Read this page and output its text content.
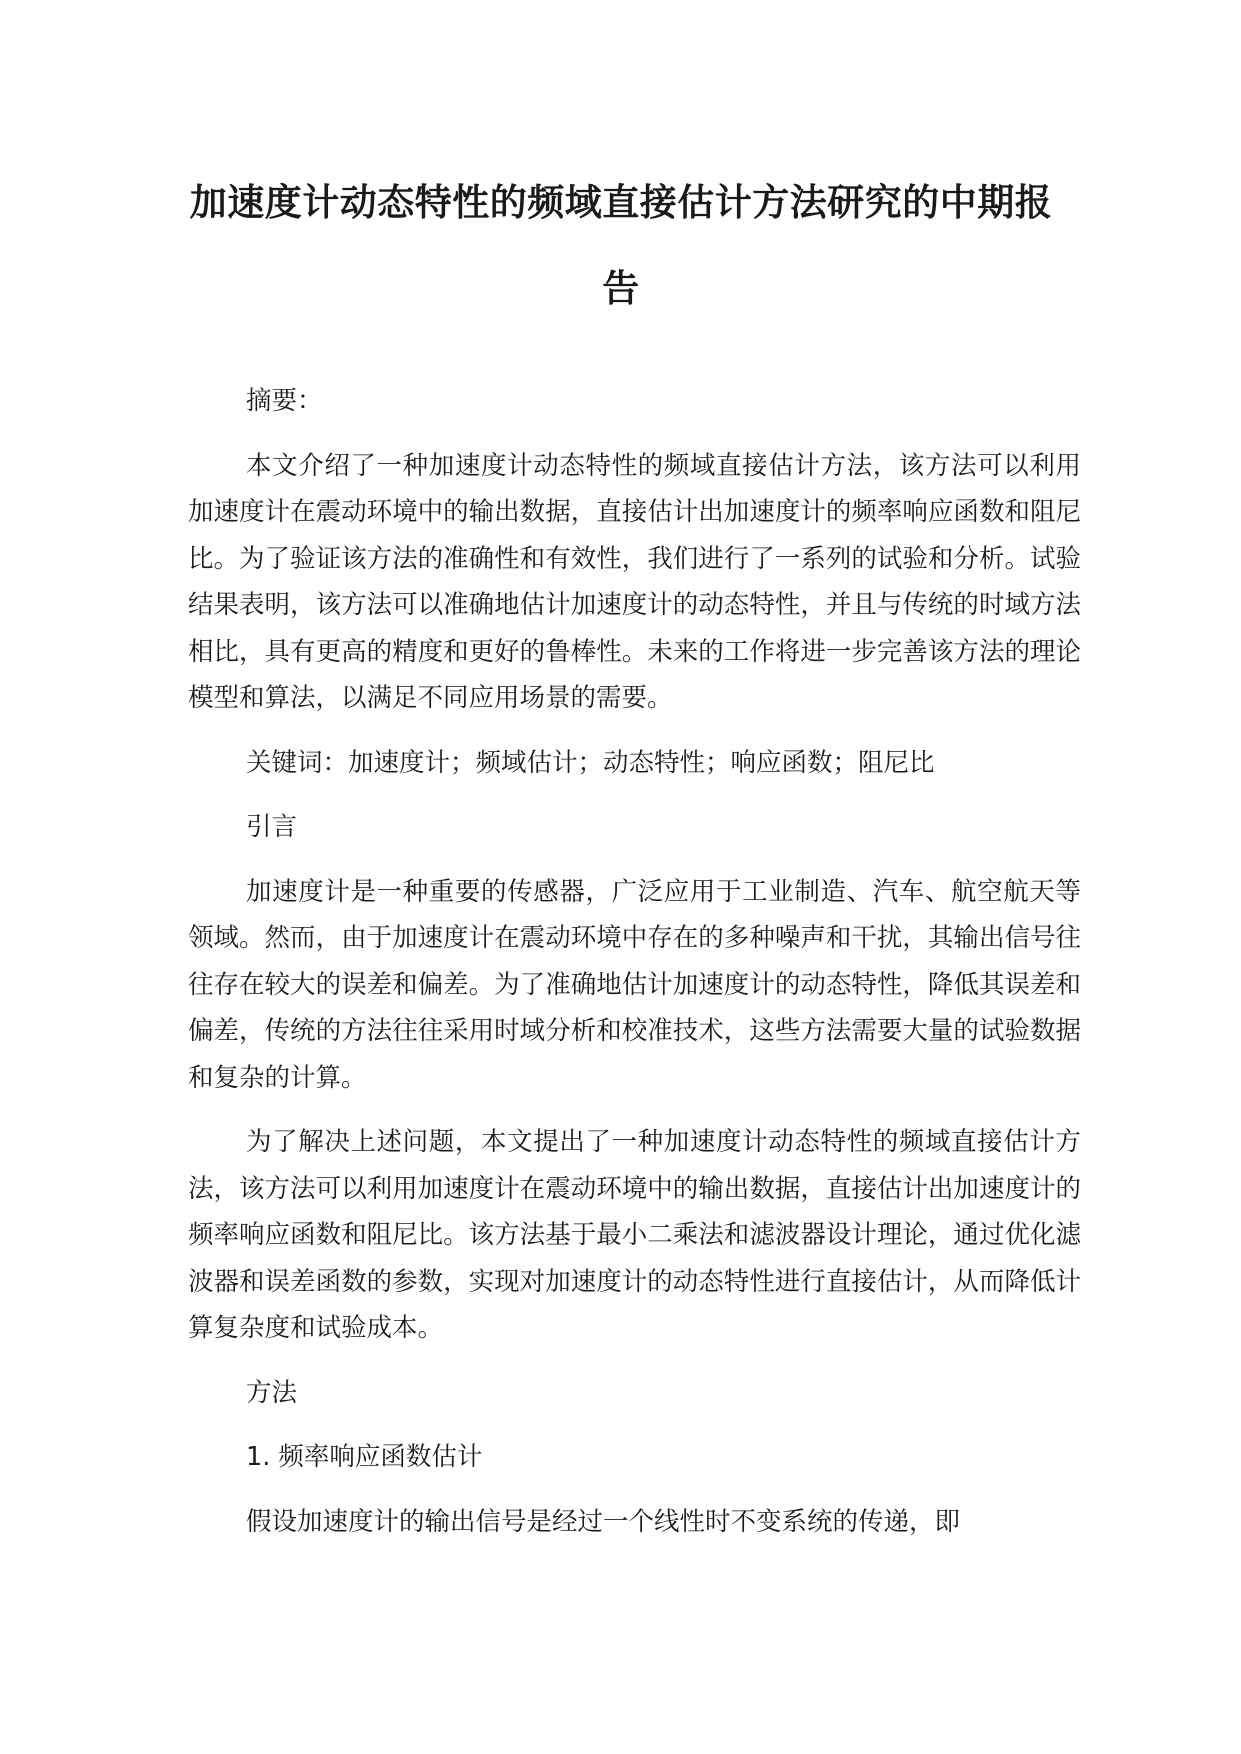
加速度计动态特性的频域直接估计方法研究的中期报告
摘要：

本文介绍了一种加速度计动态特性的频域直接估计方法，该方法可以利用加速度计在震动环境中的输出数据，直接估计出加速度计的频率响应函数和阻尼比。为了验证该方法的准确性和有效性，我们进行了一系列的试验和分析。试验结果表明，该方法可以准确地估计加速度计的动态特性，并且与传统的时域方法相比，具有更高的精度和更好的鲁棒性。未来的工作将进一步完善该方法的理论模型和算法，以满足不同应用场景的需要。

关键词：加速度计；频域估计；动态特性；响应函数；阻尼比
引言

加速度计是一种重要的传感器，广泛应用于工业制造、汽车、航空航天等领域。然而，由于加速度计在震动环境中存在的多种噪声和干扰，其输出信号往往存在较大的误差和偏差。为了准确地估计加速度计的动态特性，降低其误差和偏差，传统的方法往往采用时域分析和校准技术，这些方法需要大量的试验数据和复杂的计算。

为了解决上述问题，本文提出了一种加速度计动态特性的频域直接估计方法，该方法可以利用加速度计在震动环境中的输出数据，直接估计出加速度计的频率响应函数和阻尼比。该方法基于最小二乘法和滤波器设计理论，通过优化滤波器和误差函数的参数，实现对加速度计的动态特性进行直接估计，从而降低计算复杂度和试验成本。

方法
1. 频率响应函数估计

假设加速度计的输出信号是经过一个线性时不变系统的传递，即
